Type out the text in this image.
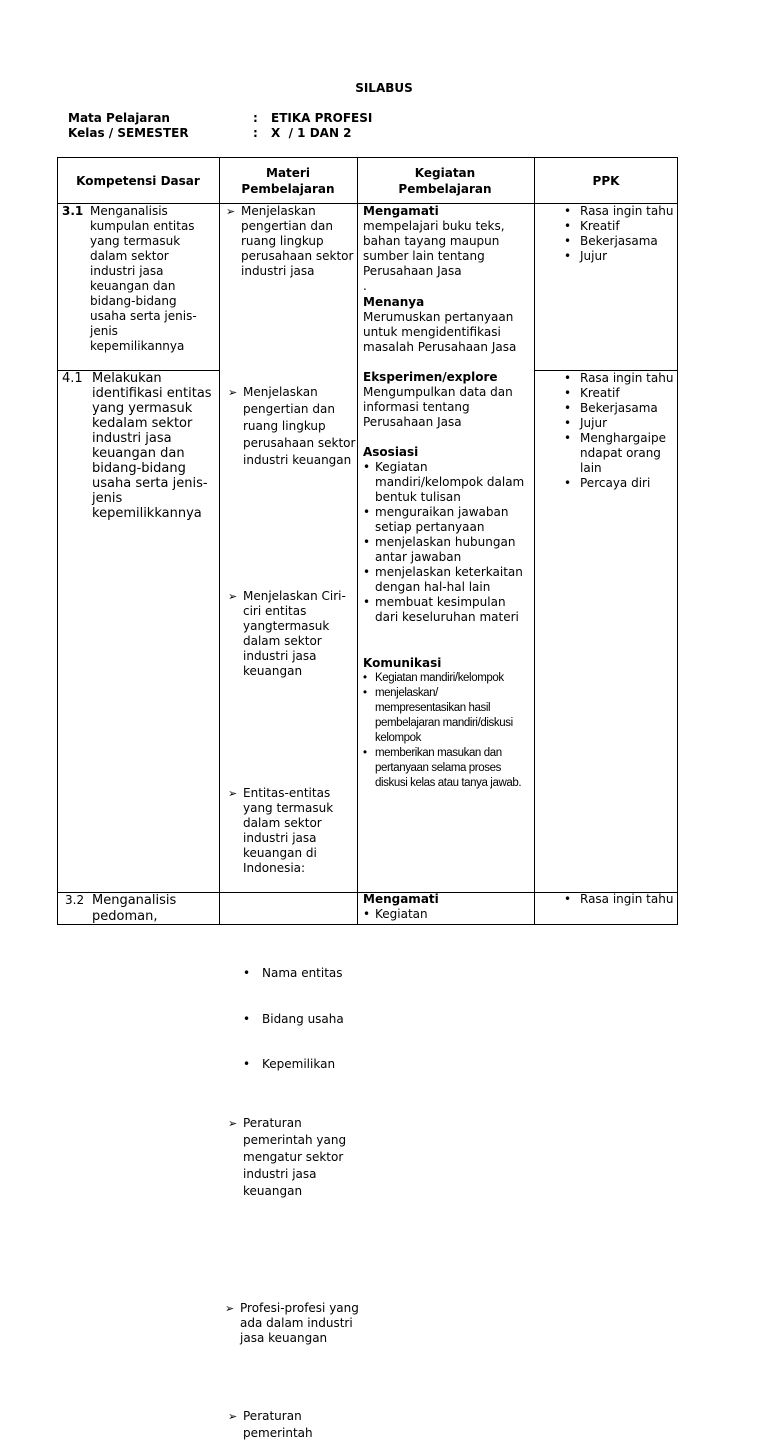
SILABUS
Mata Pelajaran	: ETIKA PROFESI
Kelas / SEMESTER	: X  / 1 DAN 2
Kompetensi Dasar
Materi Pembelajaran
Kegiatan Pembelajaran
PPK
3.1 Menganalisis kumpulan entitas yang termasuk dalam sektor industri jasa keuangan dan bidang-bidang usaha serta jenis-jenis kepemilikannya
4.1 Melakukan identifikasi entitas yang yermasuk kedalam sektor industri jasa keuangan dan bidang-bidang usaha serta jenis-jenis kepemilikkannya
3.2 Menganalisis pedoman,
➢ Menjelaskan pengertian dan ruang lingkup perusahaan sektor industri jasa
➢ Menjelaskan pengertian dan ruang lingkup perusahaan sektor industri keuangan
➢ Menjelaskan Ciri-ciri entitas yangtermasuk dalam sektor industri jasa keuangan
➢ Entitas-entitas yang termasuk dalam sektor industri jasa keuangan di Indonesia:
• Nama entitas
• Bidang usaha
• Kepemilikan
➢ Peraturan pemerintah yang mengatur sektor industri jasa keuangan
➢ Profesi-profesi yang ada dalam industri jasa keuangan
➢ Peraturan pemerintah
Mengamati
mempelajari buku teks, bahan tayang maupun sumber lain tentang Perusahaan Jasa
.
Menanya
Merumuskan pertanyaan untuk mengidentifikasi masalah Perusahaan Jasa
Eksperimen/explore
Mengumpulkan data dan informasi tentang Perusahaan Jasa
Asosiasi
• Kegiatan mandiri/kelompok dalam bentuk tulisan
• menguraikan jawaban setiap pertanyaan
• menjelaskan hubungan antar jawaban
• menjelaskan keterkaitan dengan hal-hal lain
• membuat kesimpulan dari keseluruhan materi
Komunikasi
• Kegiatan mandiri/kelompok
• menjelaskan/ mempresentasikan hasil pembelajaran mandiri/diskusi kelompok
• memberikan masukan dan pertanyaan selama proses diskusi kelas atau tanya jawab.
Mengamati
• Kegiatan
• Rasa ingin tahu
• Kreatif
• Bekerjasama
• Jujur
• Rasa ingin tahu
• Kreatif
• Bekerjasama
• Jujur
• Menghargaipe ndapat orang lain
• Percaya diri
• Rasa ingin tahu
